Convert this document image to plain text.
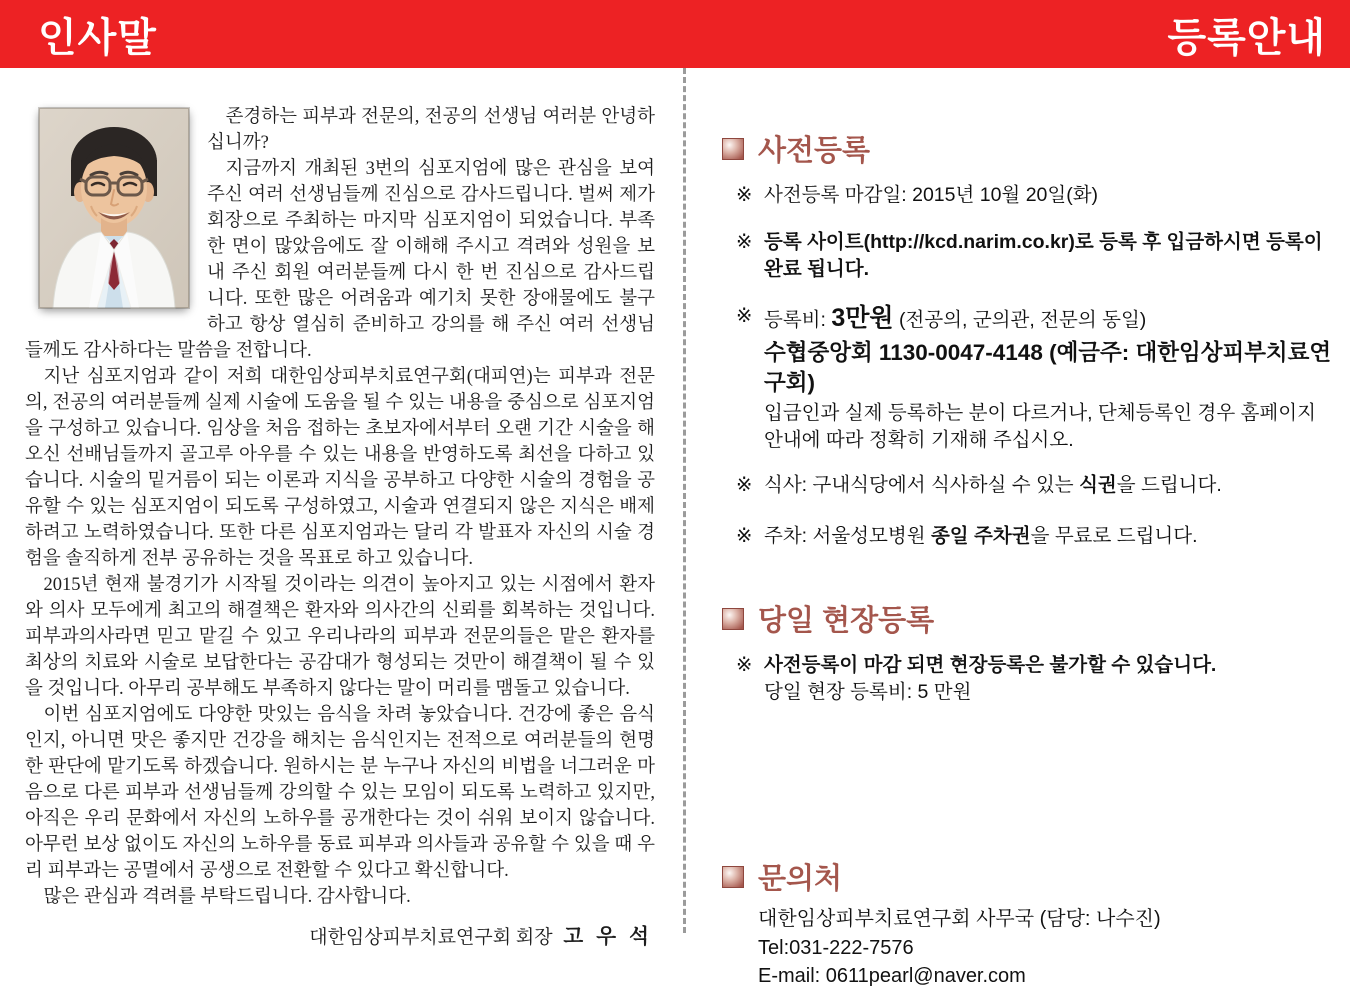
인사말	등록안내

존경하는 피부과 전문의, 전공의 선생님 여러분 안녕하십니까?

지금까지 개최된 3번의 심포지엄에 많은 관심을 보여 주신 여러 선생님들께 진심으로 감사드립니다. 벌써 제가 회장으로 주최하는 마지막 심포지엄이 되었습니다. 부족한 면이 많았음에도 잘 이해해 주시고 격려와 성원을 보내 주신 회원 여러분들께 다시 한 번 진심으로 감사드립니다. 또한 많은 어려움과 예기치 못한 장애물에도 불구하고 항상 열심히 준비하고 강의를 해 주신 여러 선생님들께도 감사하다는 말씀을 전합니다.

지난 심포지엄과 같이 저희 대한임상피부치료연구회(대피연)는 피부과 전문의, 전공의 여러분들께 실제 시술에 도움을 될 수 있는 내용을 중심으로 심포지엄을 구성하고 있습니다. 임상을 처음 접하는 초보자에서부터 오랜 기간 시술을 해 오신 선배님들까지 골고루 아우를 수 있는 내용을 반영하도록 최선을 다하고 있습니다. 시술의 밑거름이 되는 이론과 지식을 공부하고 다양한 시술의 경험을 공유할 수 있는 심포지엄이 되도록 구성하였고, 시술과 연결되지 않은 지식은 배제하려고 노력하였습니다. 또한 다른 심포지엄과는 달리 각 발표자 자신의 시술 경험을 솔직하게 전부 공유하는 것을 목표로 하고 있습니다.

2015년 현재 불경기가 시작될 것이라는 의견이 높아지고 있는 시점에서 환자와 의사 모두에게 최고의 해결책은 환자와 의사간의 신뢰를 회복하는 것입니다. 피부과의사라면 믿고 맡길 수 있고 우리나라의 피부과 전문의들은 맡은 환자를 최상의 치료와 시술로 보답한다는 공감대가 형성되는 것만이 해결책이 될 수 있을 것입니다. 아무리 공부해도 부족하지 않다는 말이 머리를 맴돌고 있습니다.

이번 심포지엄에도 다양한 맛있는 음식을 차려 놓았습니다. 건강에 좋은 음식인지, 아니면 맛은 좋지만 건강을 해치는 음식인지는 전적으로 여러분들의 현명한 판단에 맡기도록 하겠습니다. 원하시는 분 누구나 자신의 비법을 너그러운 마음으로 다른 피부과 선생님들께 강의할 수 있는 모임이 되도록 노력하고 있지만, 아직은 우리 문화에서 자신의 노하우를 공개한다는 것이 쉬워 보이지 않습니다. 아무런 보상 없이도 자신의 노하우를 동료 피부과 의사들과 공유할 수 있을 때 우리 피부과는 공멸에서 공생으로 전환할 수 있다고 확신합니다.

많은 관심과 격려를 부탁드립니다. 감사합니다.

대한임상피부치료연구회 회장 고 우 석
사전등록
※ 사전등록 마감일: 2015년 10월 20일(화)
※ 등록 사이트(http://kcd.narim.co.kr)로 등록 후 입금하시면 등록이 완료 됩니다.
※ 등록비: 3만원 (전공의, 군의관, 전문의 동일)
수협중앙회 1130-0047-4148 (예금주: 대한임상피부치료연구회)
입금인과 실제 등록하는 분이 다르거나, 단체등록인 경우 홈페이지 안내에 따라 정확히 기재해 주십시오.
※ 식사: 구내식당에서 식사하실 수 있는 식권을 드립니다.
※ 주차: 서울성모병원 종일 주차권을 무료로 드립니다.
당일 현장등록
※ 사전등록이 마감 되면 현장등록은 불가할 수 있습니다.
당일 현장 등록비: 5 만원
문의처
대한임상피부치료연구회 사무국 (담당: 나수진)
Tel:031-222-7576
E-mail: 0611pearl@naver.com
